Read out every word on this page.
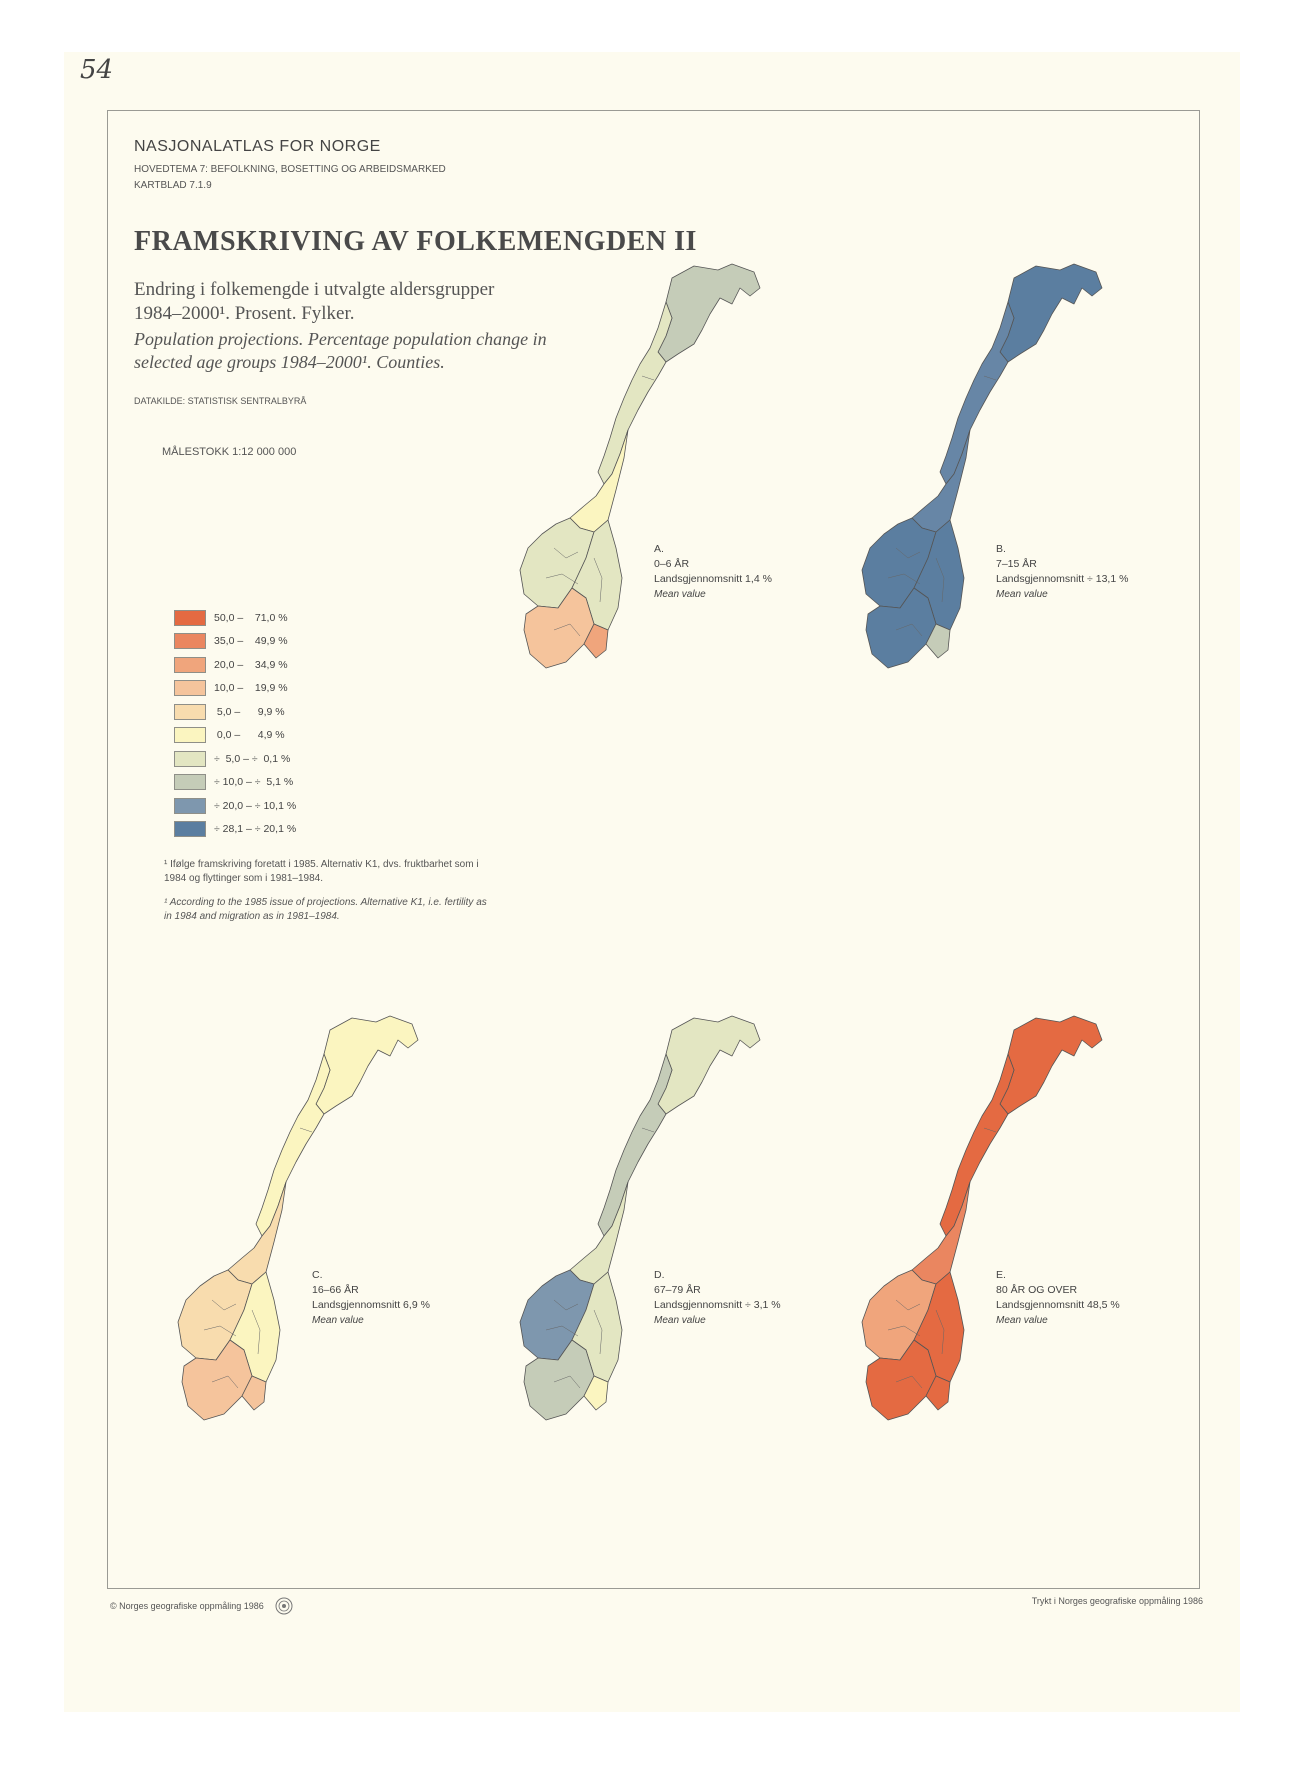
54
NASJONALATLAS FOR NORGE
HOVEDTEMA 7: BEFOLKNING, BOSETTING OG ARBEIDSMARKED
KARTBLAD 7.1.9
FRAMSKRIVING AV FOLKEMENGDEN II
Endring i folkemengde i utvalgte aldersgrupper 1984–2000¹. Prosent. Fylker.
Population projections. Percentage population change in selected age groups 1984–2000¹. Counties.
DATAKILDE: STATISTISK SENTRALBYRÅ
MÅLESTOKK 1:12 000 000
50,0 –    71,0 %
35,0 –    49,9 %
20,0 –    34,9 %
10,0 –    19,9 %
5,0 –      9,9 %
0,0 –      4,9 %
÷  5,0 – ÷  0,1 %
÷ 10,0 – ÷  5,1 %
÷ 20,0 – ÷ 10,1 %
÷ 28,1 – ÷ 20,1 %
¹ Ifølge framskriving foretatt i 1985. Alternativ K1, dvs. fruktbarhet som i 1984 og flyttinger som i 1981–1984.
¹ According to the 1985 issue of projections. Alternative K1, i.e. fertility as in 1984 and migration as in 1981–1984.
A.
0–6 ÅR
Landsgjennomsnitt 1,4 %
Mean value
B.
7–15 ÅR
Landsgjennomsnitt ÷ 13,1 %
Mean value
C.
16–66 ÅR
Landsgjennomsnitt 6,9 %
Mean value
D.
67–79 ÅR
Landsgjennomsnitt ÷ 3,1 %
Mean value
E.
80 ÅR OG OVER
Landsgjennomsnitt 48,5 %
Mean value
© Norges geografiske oppmåling 1986	Trykt i Norges geografiske oppmåling 1986
